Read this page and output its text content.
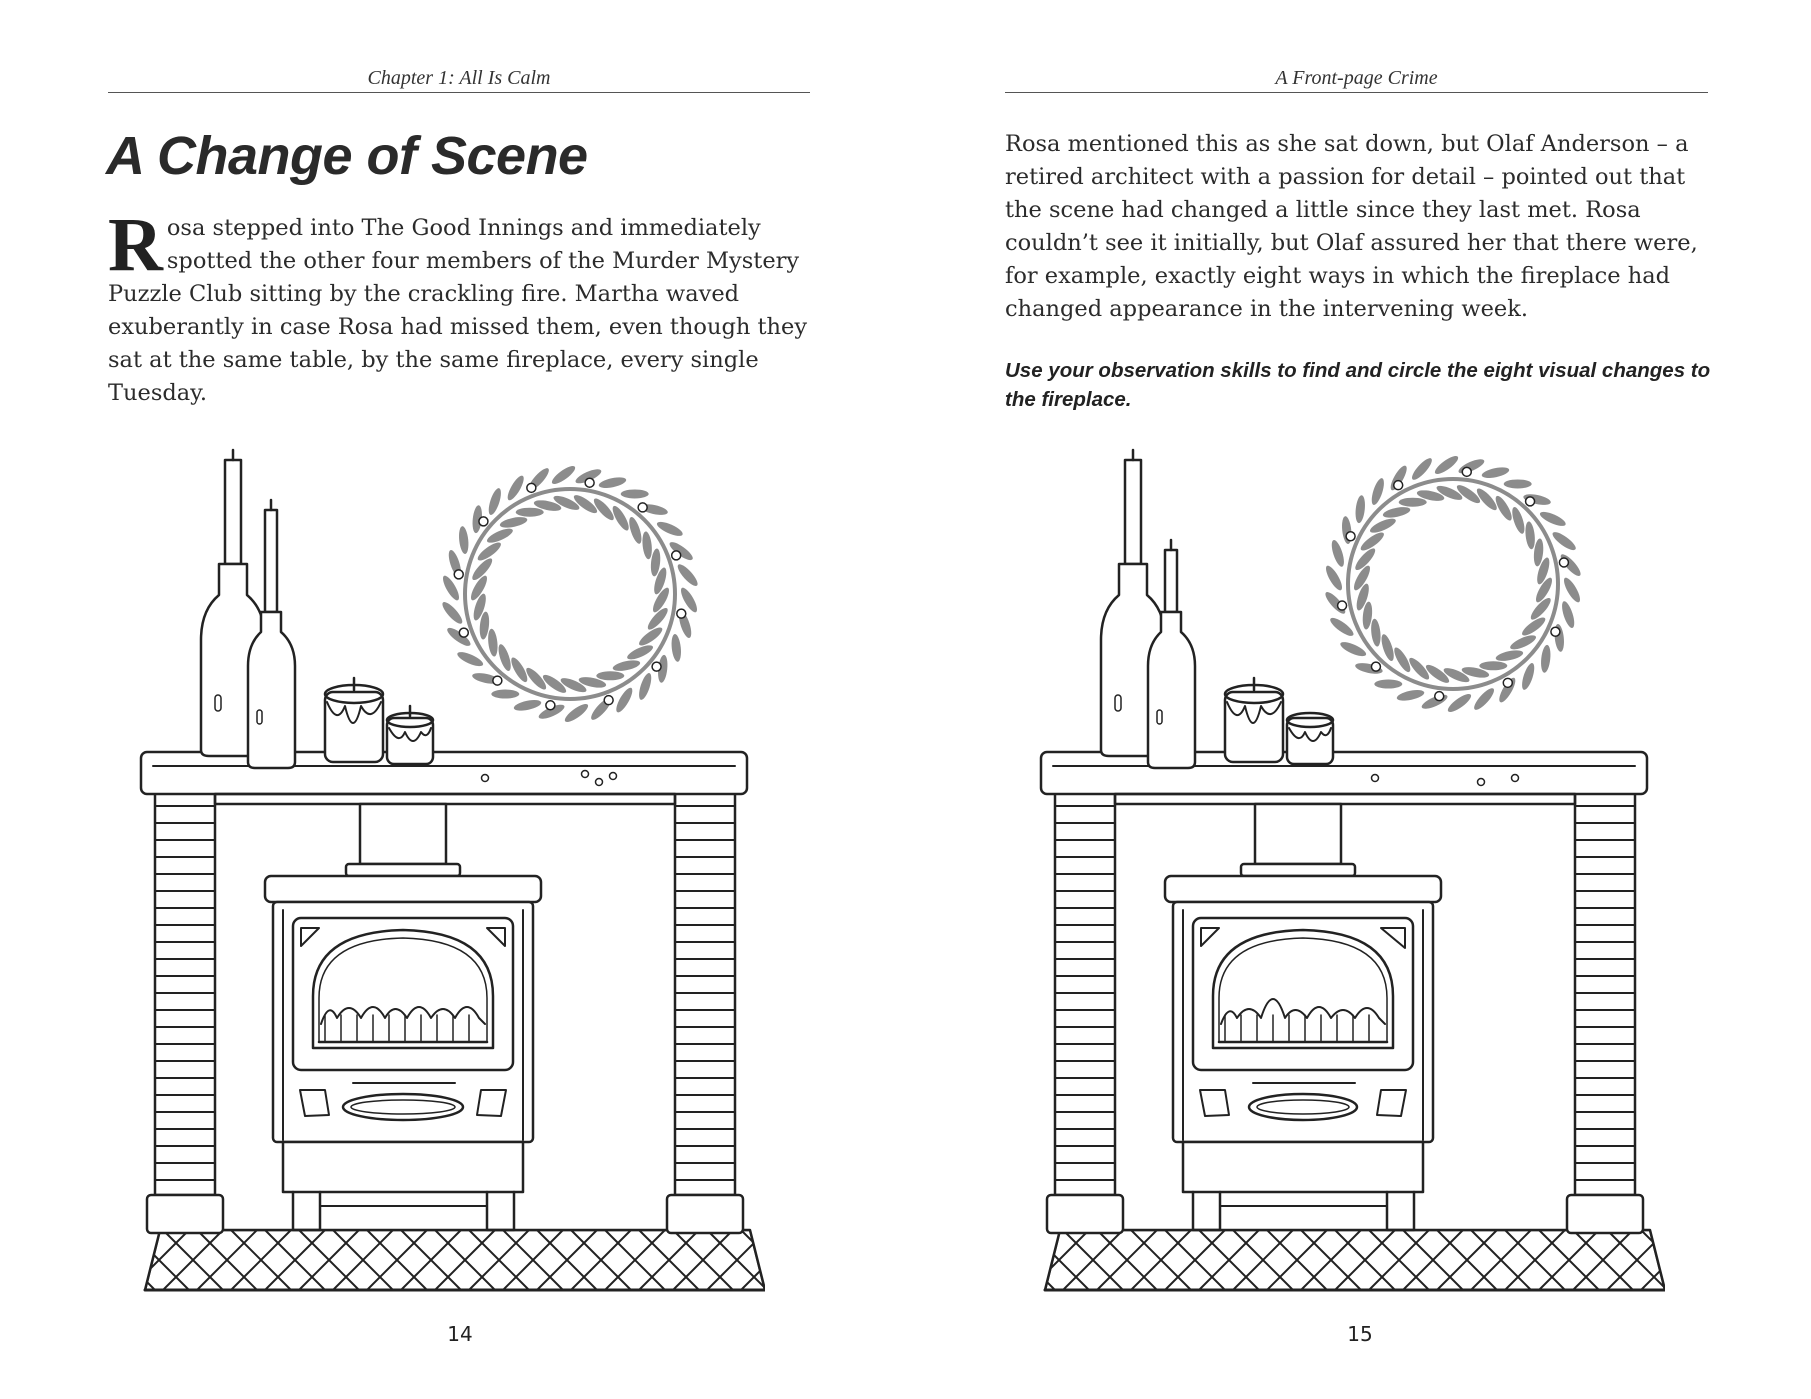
Chapter 1: All Is Calm
A Change of Scene

Rosa stepped into The Good Innings and immediately spotted the other four members of the Murder Mystery Puzzle Club sitting by the crackling fire. Martha waved exuberantly in case Rosa had missed them, even though they sat at the same table, by the same fireplace, every single Tuesday.

14
A Front-page Crime

Rosa mentioned this as she sat down, but Olaf Anderson – a retired architect with a passion for detail – pointed out that the scene had changed a little since they last met. Rosa couldn’t see it initially, but Olaf assured her that there were, for example, exactly eight ways in which the fireplace had changed appearance in the intervening week.

Use your observation skills to find and circle the eight visual changes to the fireplace.

15
